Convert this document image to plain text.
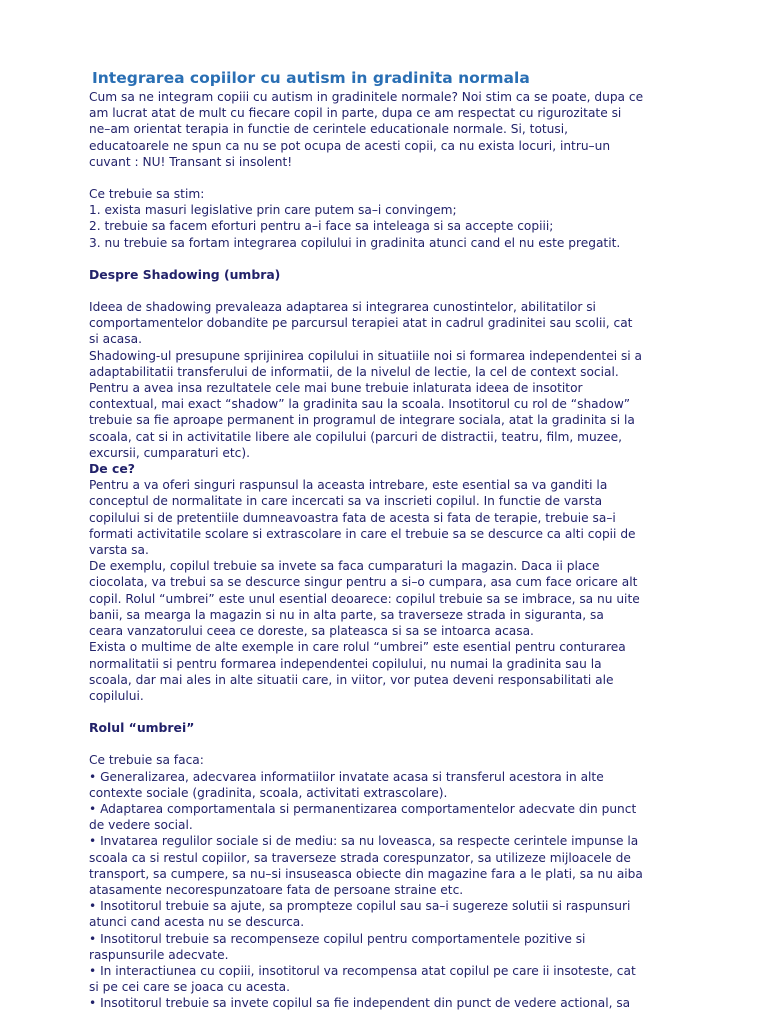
Integrarea copiilor cu autism in gradinita normala

Cum sa ne integram copiii cu autism in gradinitele normale? Noi stim ca se poate, dupa ce
am lucrat atat de mult cu fiecare copil in parte, dupa ce am respectat cu rigurozitate si
ne–am orientat terapia in functie de cerintele educationale normale. Si, totusi,
educatoarele ne spun ca nu se pot ocupa de acesti copii, ca nu exista locuri, intru–un
cuvant : NU! Transant si insolent!

Ce trebuie sa stim:

1. exista masuri legislative prin care putem sa–i convingem;
2. trebuie sa facem eforturi pentru a–i face sa inteleaga si sa accepte copiii;
3. nu trebuie sa fortam integrarea copilului in gradinita atunci cand el nu este pregatit.
Despre Shadowing (umbra)

Ideea de shadowing prevaleaza adaptarea si integrarea cunostintelor, abilitatilor si
comportamentelor dobandite pe parcursul terapiei atat in cadrul gradinitei sau scolii, cat
si acasa.

Shadowing-ul presupune sprijinirea copilului in situatiile noi si formarea independentei si a
adaptabilitatii transferului de informatii, de la nivelul de lectie, la cel de context social.

Pentru a avea insa rezultatele cele mai bune trebuie inlaturata ideea de insotitor
contextual, mai exact “shadow” la gradinita sau la scoala. Insotitorul cu rol de “shadow”
trebuie sa fie aproape permanent in programul de integrare sociala, atat la gradinita si la
scoala, cat si in activitatile libere ale copilului (parcuri de distractii, teatru, film, muzee,
excursii, cumparaturi etc).

De ce?

Pentru a va oferi singuri raspunsul la aceasta intrebare, este esential sa va ganditi la
conceptul de normalitate in care incercati sa va inscrieti copilul. In functie de varsta
copilului si de pretentiile dumneavoastra fata de acesta si fata de terapie, trebuie sa–i
formati activitatile scolare si extrascolare in care el trebuie sa se descurce ca alti copii de
varsta sa.

De exemplu, copilul trebuie sa invete sa faca cumparaturi la magazin. Daca ii place
ciocolata, va trebui sa se descurce singur pentru a si–o cumpara, asa cum face oricare alt
copil. Rolul “umbrei” este unul esential deoarece: copilul trebuie sa se imbrace, sa nu uite
banii, sa mearga la magazin si nu in alta parte, sa traverseze strada in siguranta, sa
ceara vanzatorului ceea ce doreste, sa plateasca si sa se intoarca acasa.

Exista o multime de alte exemple in care rolul “umbrei” este esential pentru conturarea
normalitatii si pentru formarea independentei copilului, nu numai la gradinita sau la
scoala, dar mai ales in alte situatii care, in viitor, vor putea deveni responsabilitati ale
copilului.

Rolul “umbrei”

Ce trebuie sa faca:

• Generalizarea, adecvarea informatiilor invatate acasa si transferul acestora in alte
contexte sociale (gradinita, scoala, activitati extrascolare).
• Adaptarea comportamentala si permanentizarea comportamentelor adecvate din punct
de vedere social.
• Invatarea regulilor sociale si de mediu: sa nu loveasca, sa respecte cerintele impunse la
scoala ca si restul copiilor, sa traverseze strada corespunzator, sa utilizeze mijloacele de
transport, sa cumpere, sa nu–si insuseasca obiecte din magazine fara a le plati, sa nu aiba
atasamente necorespunzatoare fata de persoane straine etc.
• Insotitorul trebuie sa ajute, sa prompteze copilul sau sa–i sugereze solutii si raspunsuri
atunci cand acesta nu se descurca.
• Insotitorul trebuie sa recompenseze copilul pentru comportamentele pozitive si
raspunsurile adecvate.
• In interactiunea cu copiii, insotitorul va recompensa atat copilul pe care ii insoteste, cat
si pe cei care se joaca cu acesta.
• Insotitorul trebuie sa invete copilul sa fie independent din punct de vedere actional, sa
